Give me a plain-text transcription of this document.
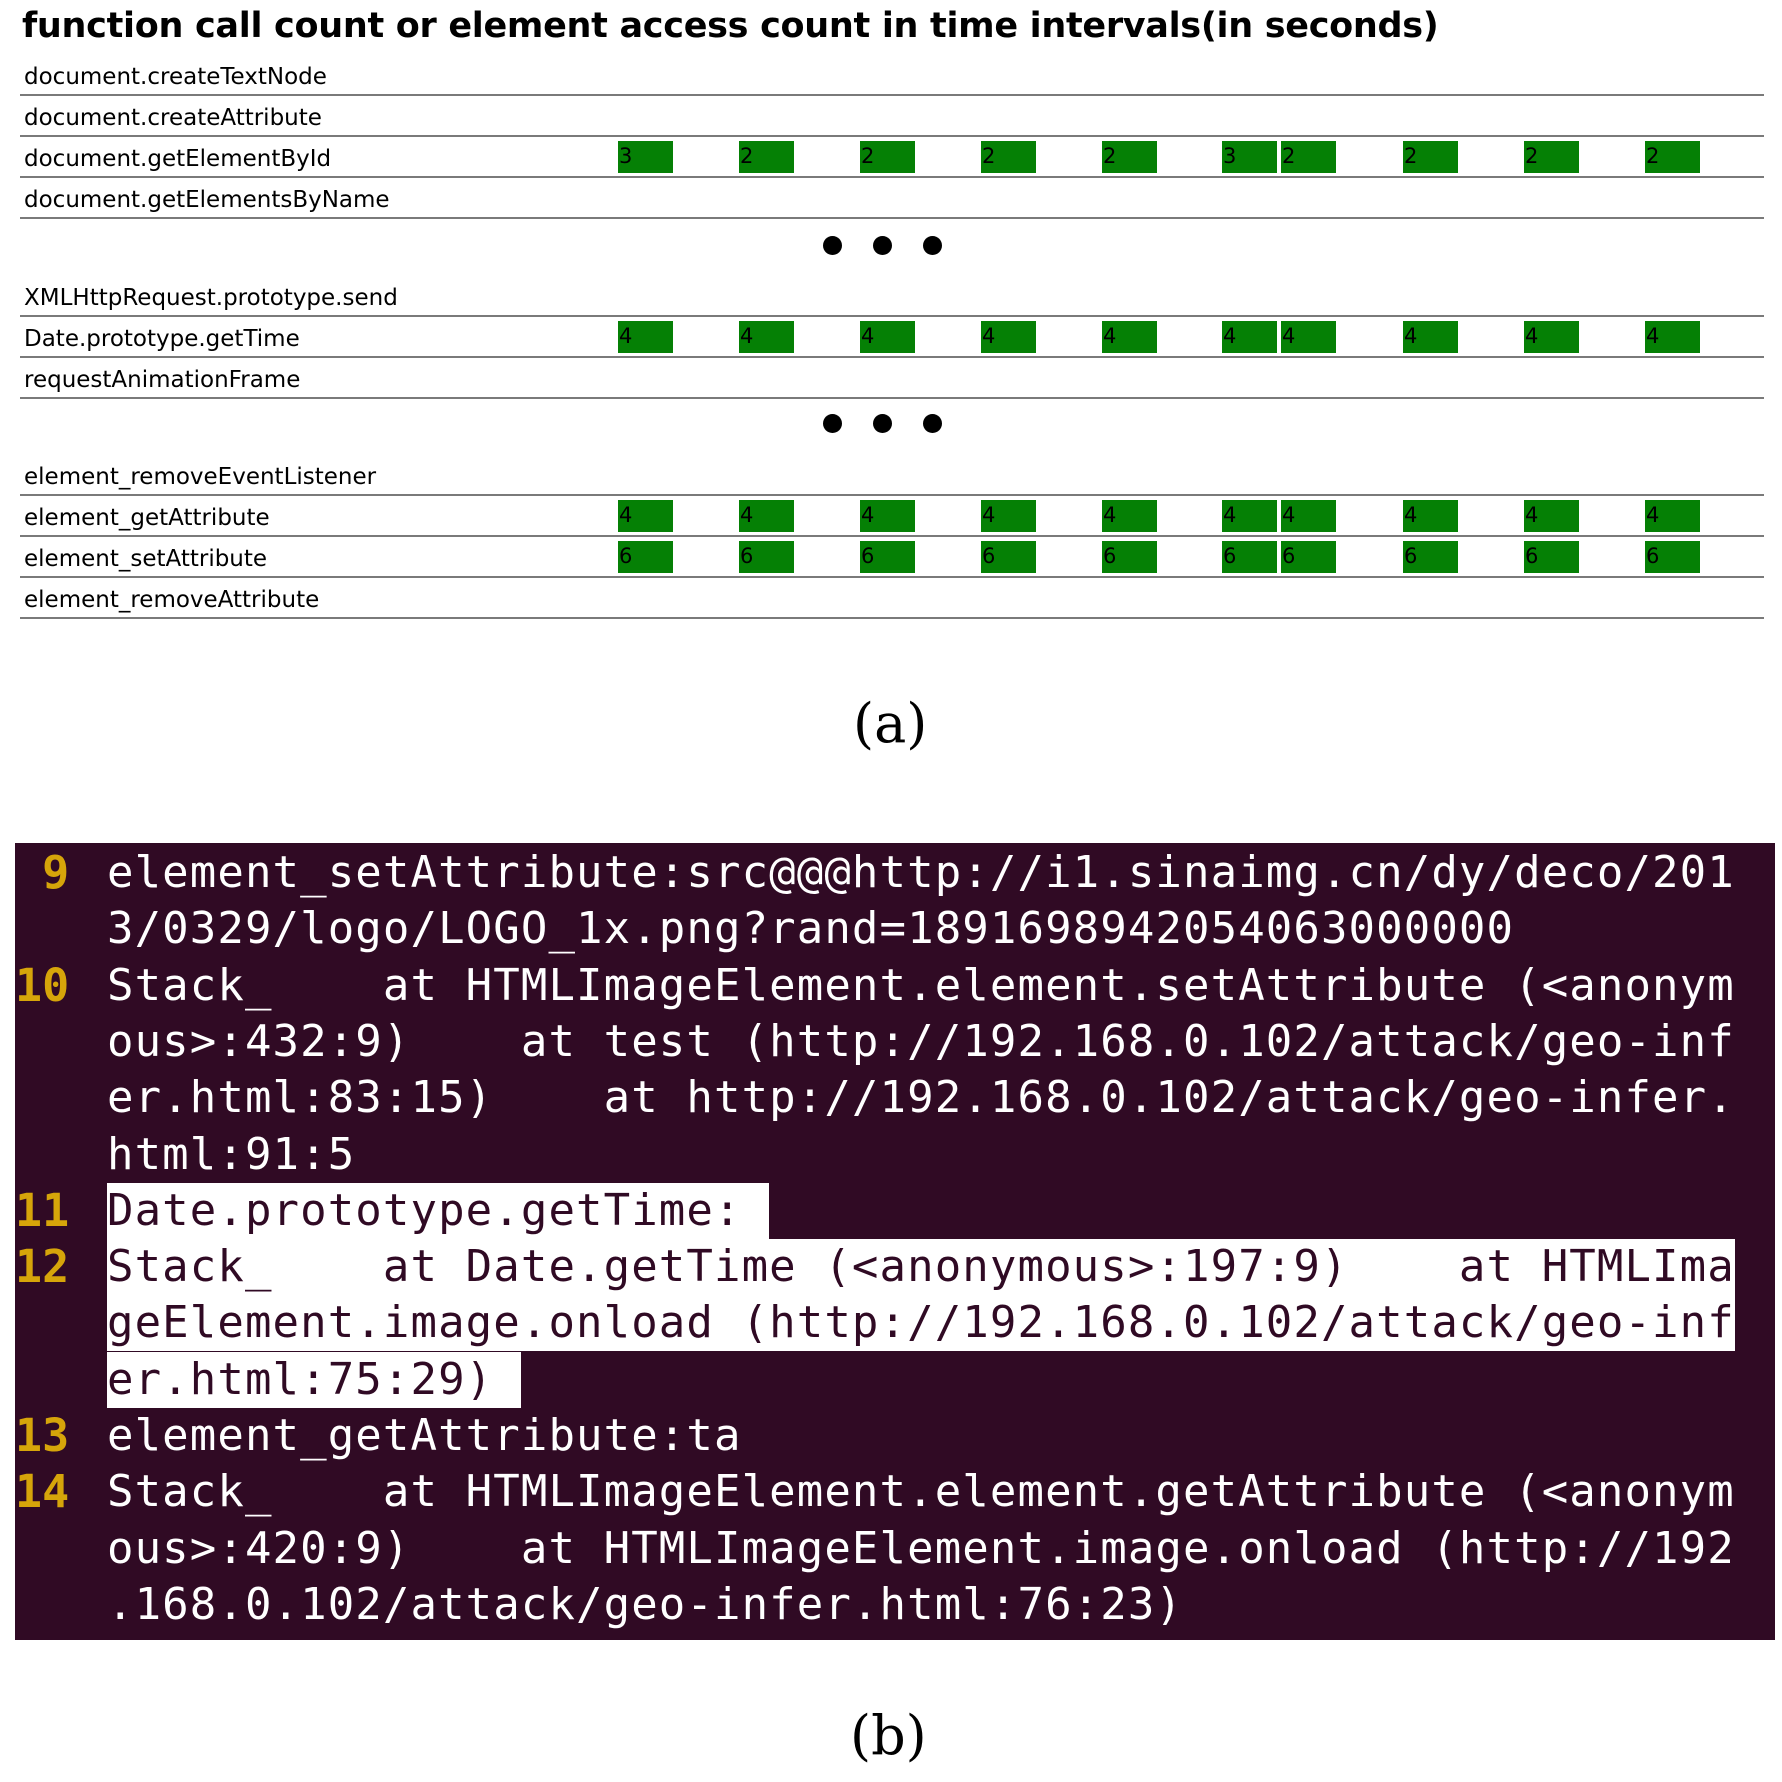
function call count or element access count in time intervals(in seconds)
document.createTextNode
document.createAttribute
document.getElementById	3	2	2	2	2	3	2	2	2	2
document.getElementsByName
XMLHttpRequest.prototype.send
Date.prototype.getTime	4	4	4	4	4	4	4	4	4	4
requestAnimationFrame
element_removeEventListener
element_getAttribute	4	4	4	4	4	4	4	4	4	4
element_setAttribute	6	6	6	6	6	6	6	6	6	6
element_removeAttribute
(a)
9 element_setAttribute:src@@@http://i1.sinaimg.cn/dy/deco/201
3/0329/logo/LOGO_1x.png?rand=1891698942054063000000
10 Stack_    at HTMLImageElement.element.setAttribute (<anonym
ous>:432:9)    at test (http://192.168.0.102/attack/geo-inf
er.html:83:15)    at http://192.168.0.102/attack/geo-infer.
html:91:5
11 Date.prototype.getTime:
12 Stack_    at Date.getTime (<anonymous>:197:9)    at HTMLIma
geElement.image.onload (http://192.168.0.102/attack/geo-inf
er.html:75:29)
13 element_getAttribute:ta
14 Stack_    at HTMLImageElement.element.getAttribute (<anonym
ous>:420:9)    at HTMLImageElement.image.onload (http://192
.168.0.102/attack/geo-infer.html:76:23)
(b)
